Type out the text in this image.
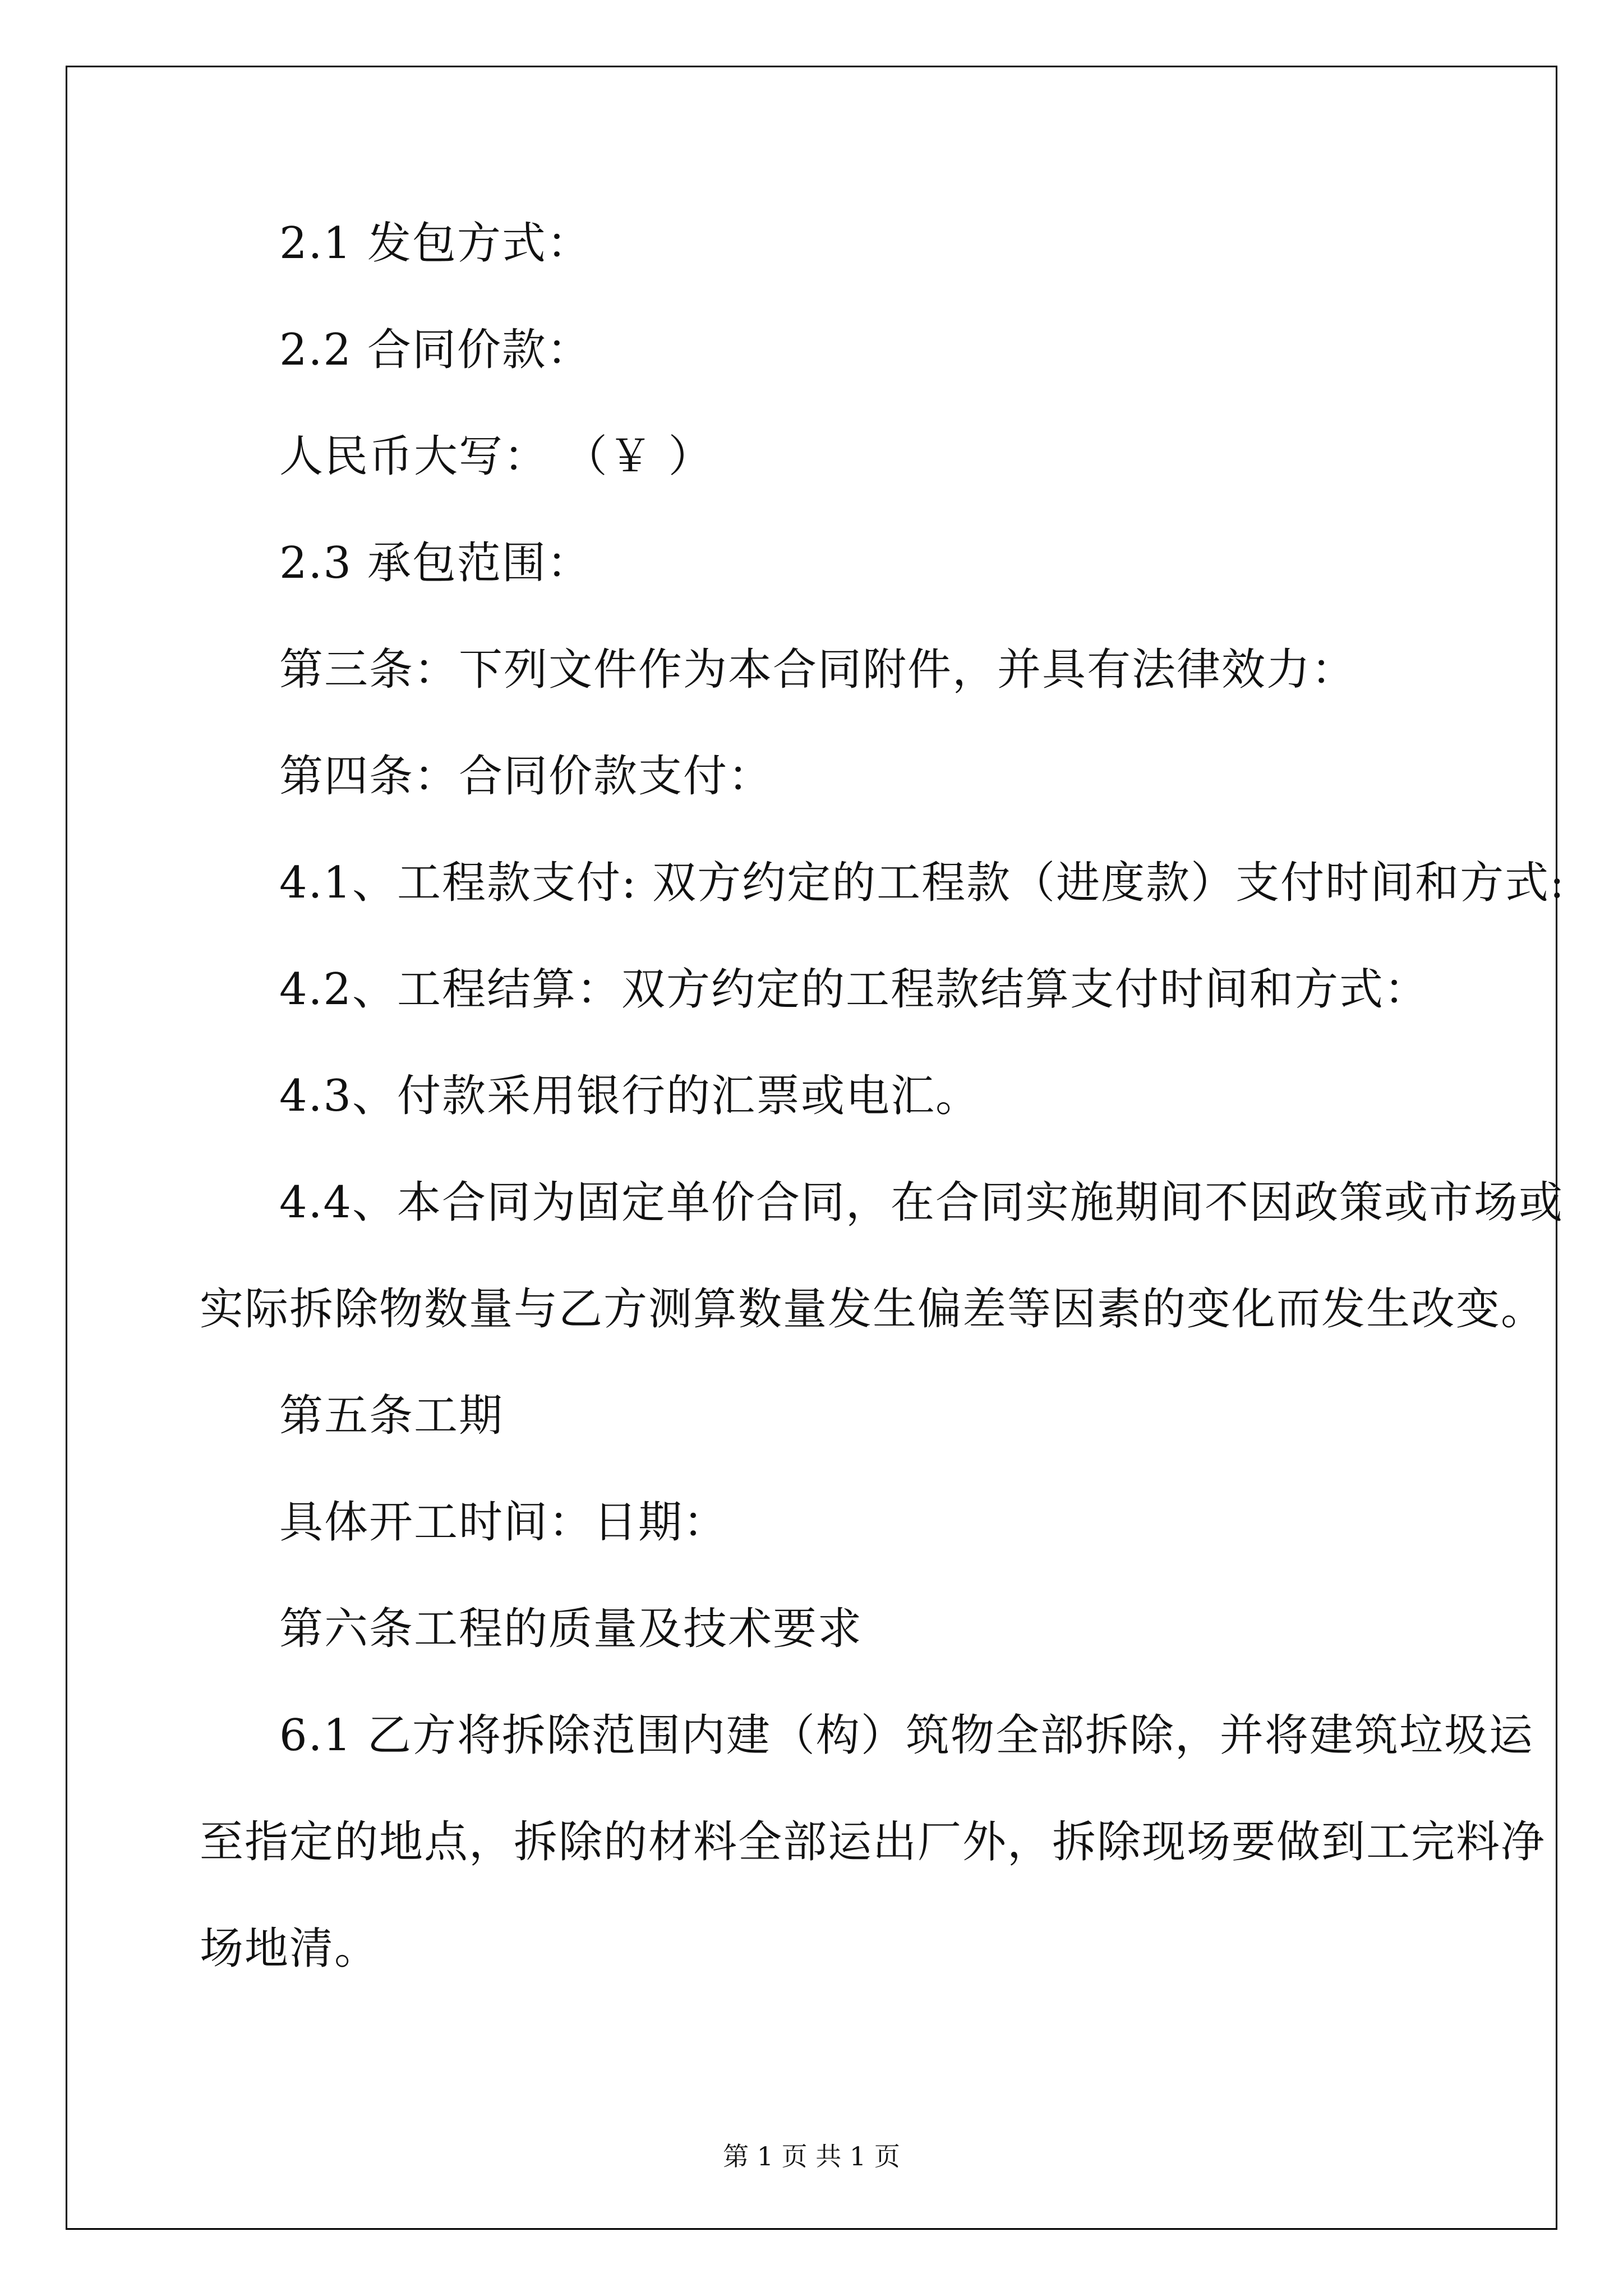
2.1 发包方式：
2.2 合同价款：
人民币大写： （￥ ）
2.3 承包范围：
第三条：下列文件作为本合同附件，并具有法律效力：
第四条：合同价款支付：
4.1、工程款支付: 双方约定的工程款（进度款）支付时间和方式:
4.2、工程结算：双方约定的工程款结算支付时间和方式：
4.3、付款采用银行的汇票或电汇。
4.4、本合同为固定单价合同，在合同实施期间不因政策或市场或
实际拆除物数量与乙方测算数量发生偏差等因素的变化而发生改变。
第五条工期
具体开工时间：日期：
第六条工程的质量及技术要求
6.1 乙方将拆除范围内建（构）筑物全部拆除，并将建筑垃圾运
至指定的地点，拆除的材料全部运出厂外，拆除现场要做到工完料净
场地清。
第 1 页 共 1 页
